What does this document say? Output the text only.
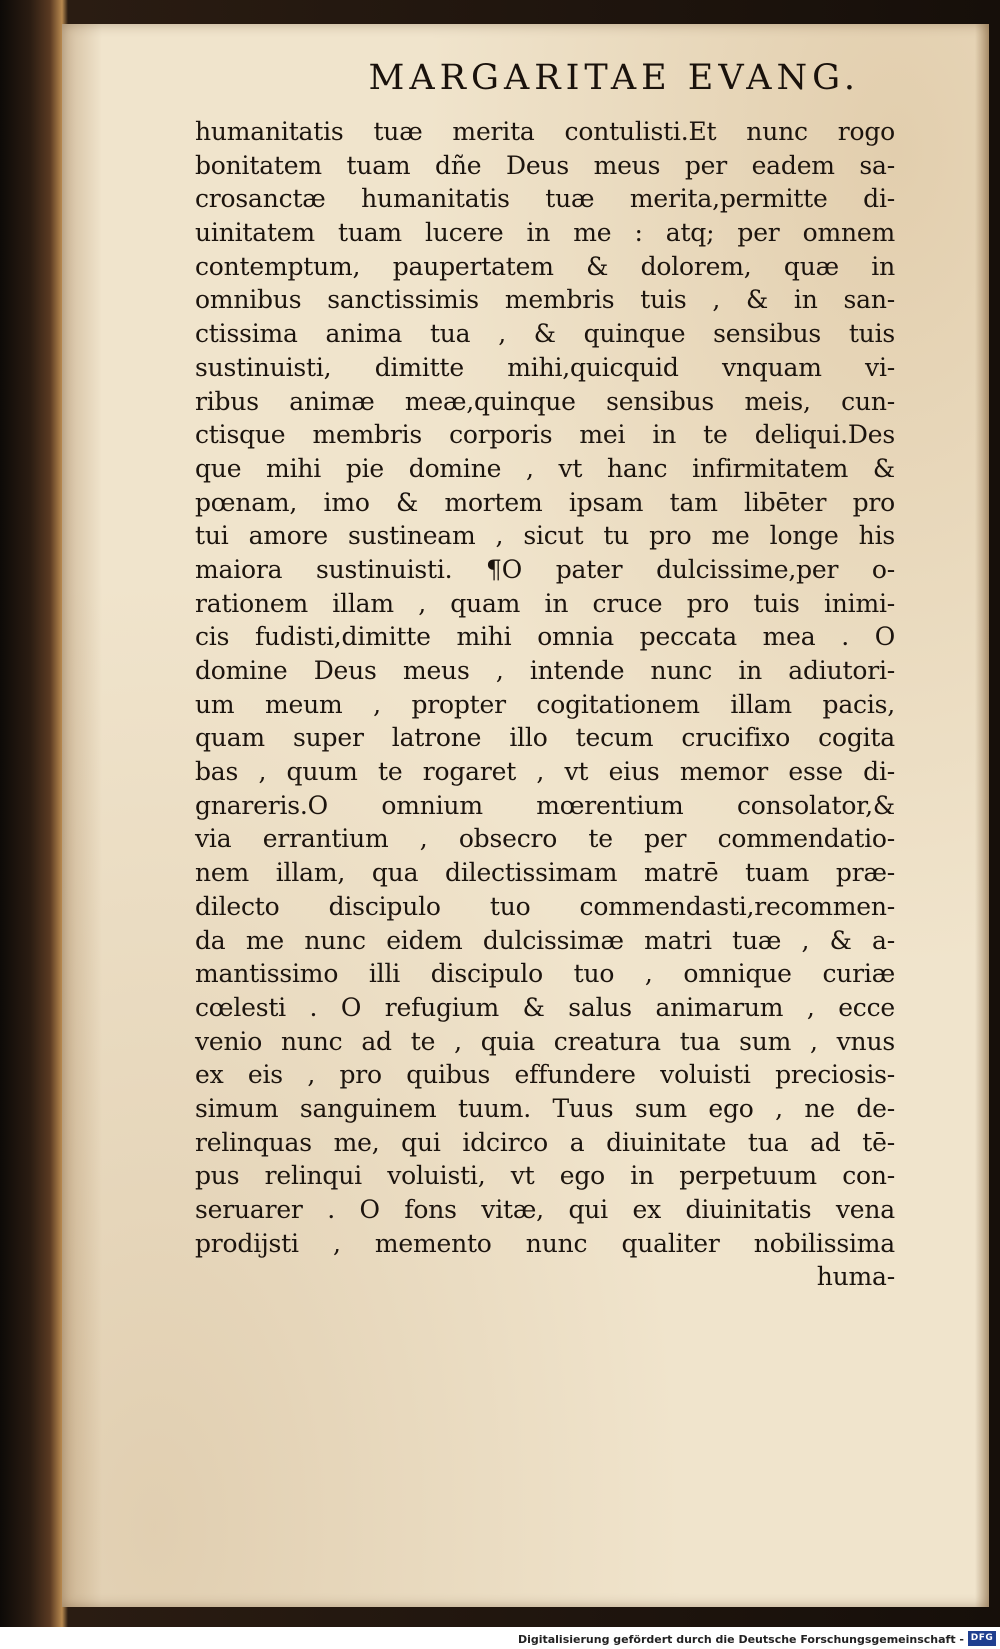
MARGARITAE EVANG.
humanitatis tuæ merita contulisti.Et nunc rogo
bonitatem tuam dñe Deus meus per eadem sa-
crosanctæ humanitatis tuæ merita,permitte di-
uinitatem tuam lucere in me : atq; per omnem
contemptum, paupertatem & dolorem, quæ in
omnibus sanctissimis membris tuis , & in san-
ctissima anima tua , & quinque sensibus tuis
sustinuisti, dimitte mihi,quicquid vnquam vi-
ribus animæ meæ,quinque sensibus meis, cun-
ctisque membris corporis mei in te deliqui.Des
que mihi pie domine , vt hanc infirmitatem &
pœnam, imo & mortem ipsam tam libēter pro
tui amore sustineam , sicut tu pro me longe his
maiora sustinuisti. ¶O pater dulcissime,per o-
rationem illam , quam in cruce pro tuis inimi-
cis fudisti,dimitte mihi omnia peccata mea . O
domine Deus meus , intende nunc in adiutori-
um meum , propter cogitationem illam pacis,
quam super latrone illo tecum crucifixo cogita
bas , quum te rogaret , vt eius memor esse di-
gnareris.O omnium mœrentium consolator,&
via errantium , obsecro te per commendatio-
nem illam, qua dilectissimam matrē tuam præ-
dilecto discipulo tuo commendasti,recommen-
da me nunc eidem dulcissimæ matri tuæ , & a-
mantissimo illi discipulo tuo , omnique curiæ
cœlesti . O refugium & salus animarum , ecce
venio nunc ad te , quia creatura tua sum , vnus
ex eis , pro quibus effundere voluisti preciosis-
simum sanguinem tuum. Tuus sum ego , ne de-
relinquas me, qui idcirco a diuinitate tua ad tē-
pus relinqui voluisti, vt ego in perpetuum con-
seruarer . O fons vitæ, qui ex diuinitatis vena
prodijsti , memento nunc qualiter nobilissima
huma-
Digitalisierung gefördert durch die Deutsche Forschungsgemeinschaft - DFG
